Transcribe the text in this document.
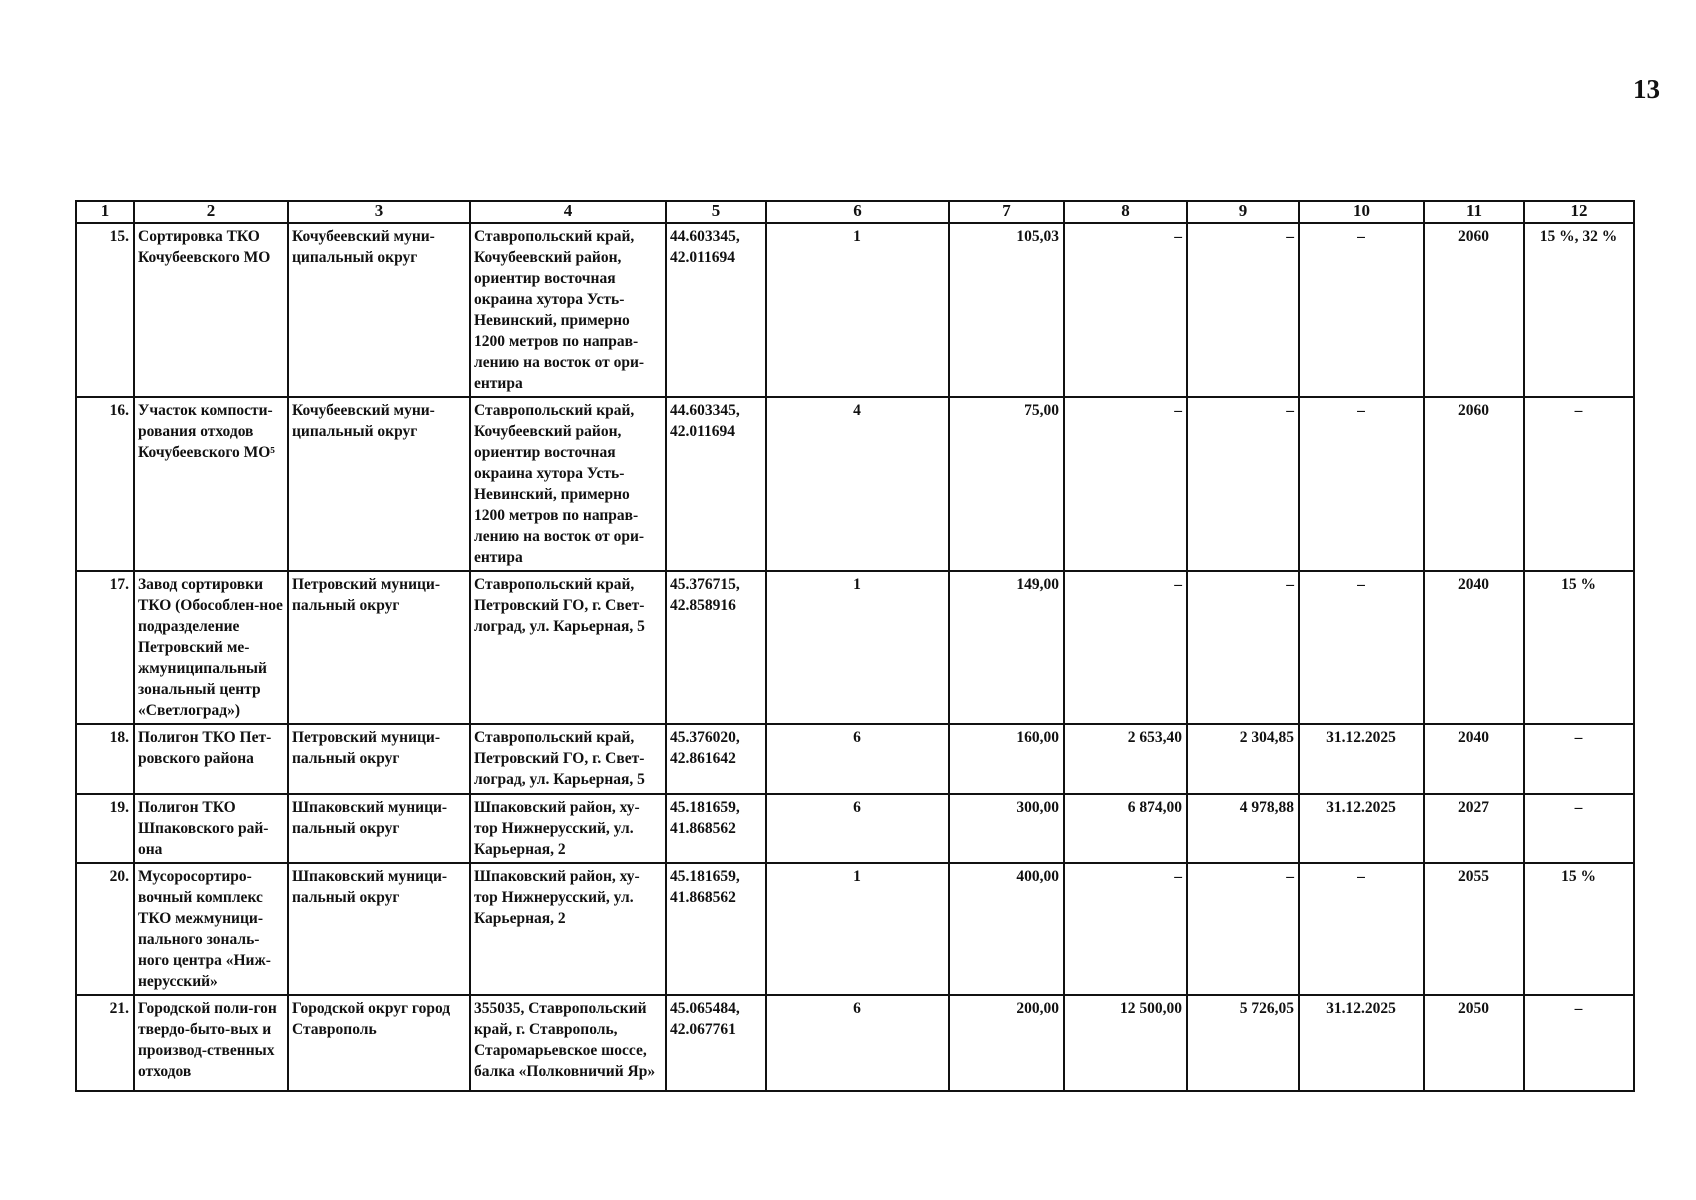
13
1	2	3	4	5	6	7	8	9	10	11	12
15.	Сортировка ТКО Кочубеевского МО	Кочубеевский муни-ципальный округ	Ставропольский край, Кочубеевский район, ориентир восточная окраина хутора Усть-Невинский, примерно 1200 метров по направ-лению на восток от ори-ентира	44.603345, 42.011694	1	105,03	–	–	–	2060	15 %, 32 %
16.	Участок компости-рования отходов Кочубеевского МО⁵	Кочубеевский муни-ципальный округ	Ставропольский край, Кочубеевский район, ориентир восточная окраина хутора Усть-Невинский, примерно 1200 метров по направ-лению на восток от ори-ентира	44.603345, 42.011694	4	75,00	–	–	–	2060	–
17.	Завод сортировки ТКО (Обособлен-ное подразделение Петровский ме-жмуниципальный зональный центр «Светлоград»)	Петровский муници-пальный округ	Ставропольский край, Петровский ГО, г. Свет-лоград, ул. Карьерная, 5	45.376715, 42.858916	1	149,00	–	–	–	2040	15 %
18.	Полигон ТКО Пет-ровского района	Петровский муници-пальный округ	Ставропольский край, Петровский ГО, г. Свет-лоград, ул. Карьерная, 5	45.376020, 42.861642	6	160,00	2 653,40	2 304,85	31.12.2025	2040	–
19.	Полигон ТКО Шпаковского рай-она	Шпаковский муници-пальный округ	Шпаковский район, ху-тор Нижнерусский, ул. Карьерная, 2	45.181659, 41.868562	6	300,00	6 874,00	4 978,88	31.12.2025	2027	–
20.	Мусоросортиро-вочный комплекс ТКО межмуници-пального зональ-ного центра «Ниж-нерусский»	Шпаковский муници-пальный округ	Шпаковский район, ху-тор Нижнерусский, ул. Карьерная, 2	45.181659, 41.868562	1	400,00	–	–	–	2055	15 %
21.	Городской поли-гон твердо-быто-вых и производ-ственных отходов	Городской округ город Ставрополь	355035, Ставропольский край, г. Ставрополь, Старомарьевское шоссе, балка «Полковничий Яр»	45.065484, 42.067761	6	200,00	12 500,00	5 726,05	31.12.2025	2050	–
